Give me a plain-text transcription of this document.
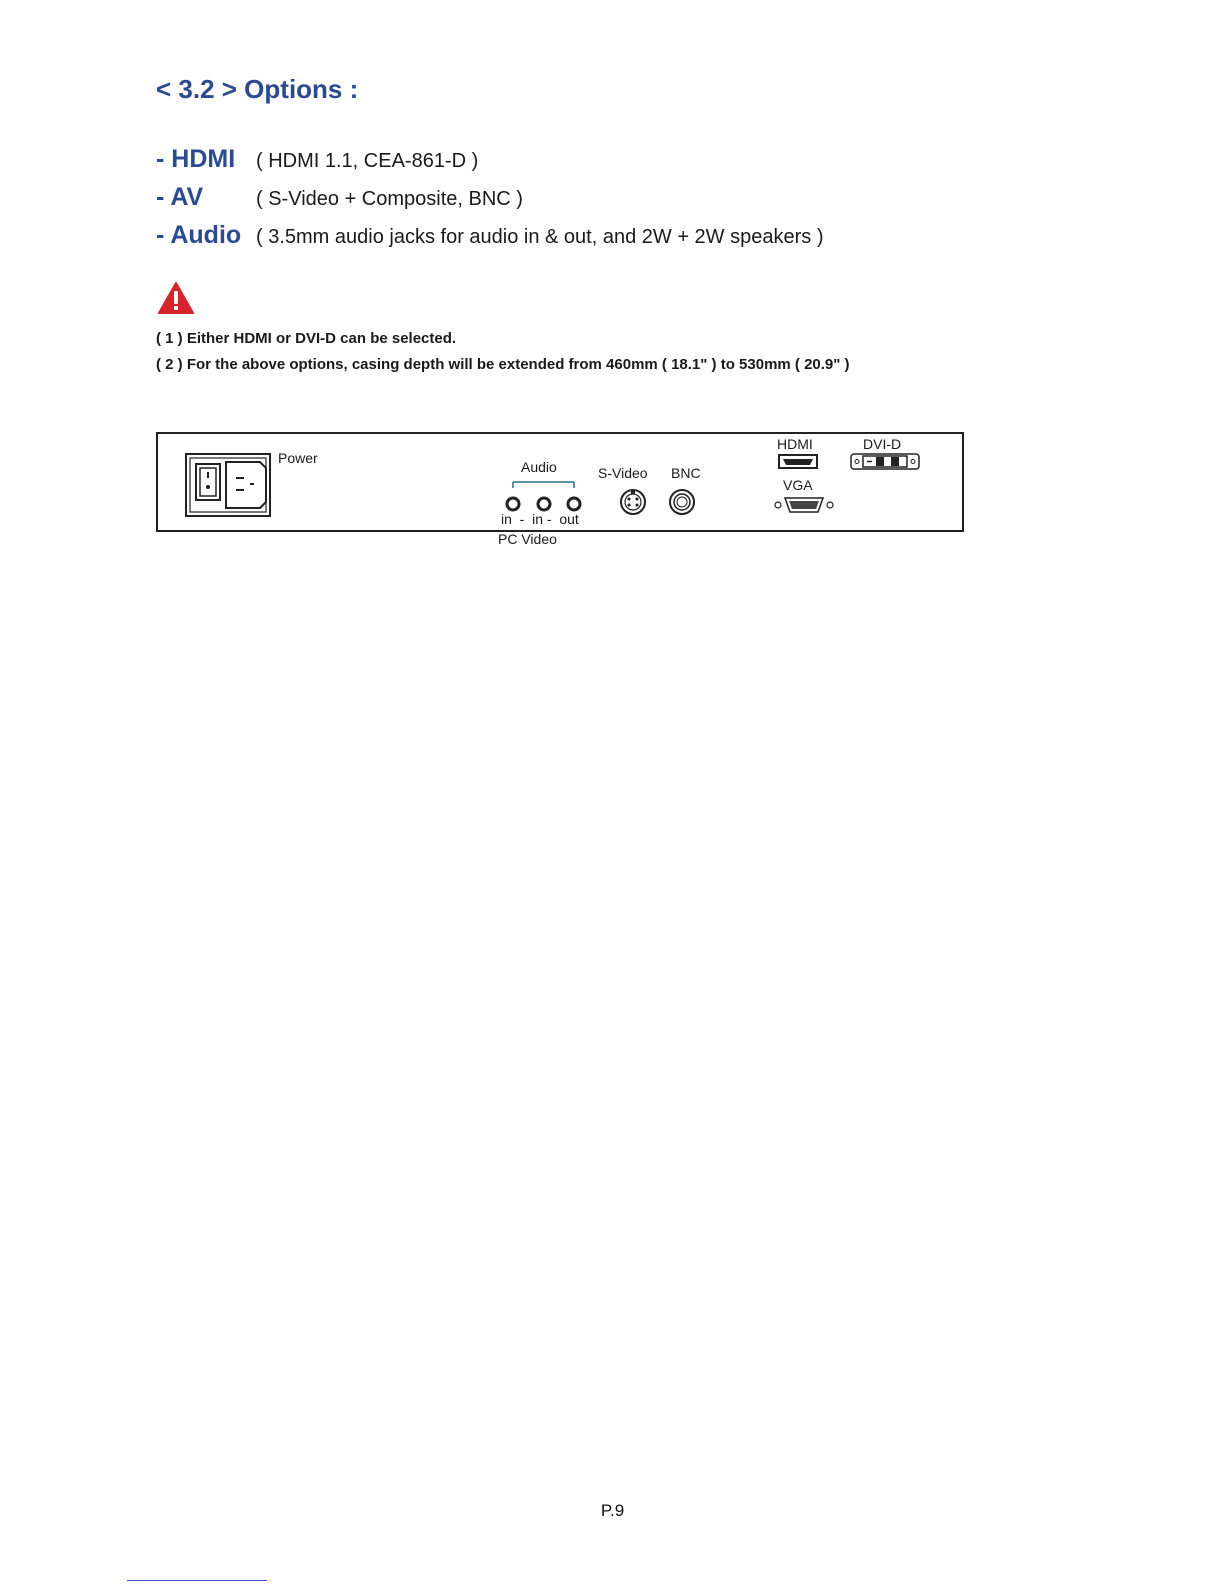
< 3.2 > Options :
- HDMI	( HDMI 1.1, CEA-861-D )
- AV	( S-Video + Composite, BNC )
- Audio ( 3.5mm audio jacks for audio in & out, and 2W + 2W speakers )
( 1 ) Either HDMI or DVI-D can be selected.
( 2 ) For the above options, casing depth will be extended from 460mm ( 18.1" ) to 530mm ( 20.9" )
Power
Audio
in  -  in -  out
PC Video
S-Video BNC
HDMI	DVI-D
VGA
P.9
